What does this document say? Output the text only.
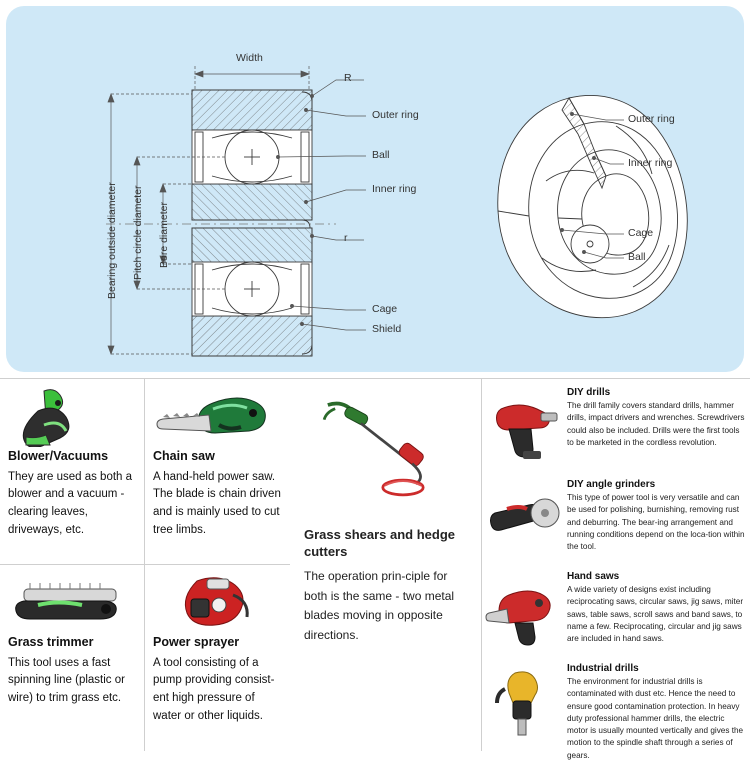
Width
R
r
Outer ring
Ball
Inner ring
Cage
Shield
Bearing outside diameter Pitch circle diameter Bore diameter
Outer ring
Inner ring
Cage
Ball
Blower/Vacuums
They are used as both a blower and a vacuum -clearing leaves, driveways, etc.
Chain saw
A hand-held power saw. The blade is chain driven and is mainly used to cut tree limbs.
Grass trimmer
This tool uses a fast spinning line (plastic or wire) to trim grass etc.
Power sprayer
A tool consisting of a pump providing consist-ent high pressure of water or other liquids.
Grass shears and hedge cutters
The operation prin-ciple for both is the same - two metal blades moving in opposite directions.
DIY drills
The drill family covers standard drills, hammer drills, impact drivers and wrenches. Screwdrivers could also be included. Drills were the first tools to be marketed in the cordless revolution.
DIY angle grinders
This type of power tool is very versatile and can be used for polishing, burnishing, removing rust and deburring. The bear-ing arrangement and running conditions depend on the loca-tion within the tool.
Hand saws
A wide variety of designs exist including reciprocating saws, circular saws, jig saws, miter saws, table saws, scroll saws and band saws, to name a few. Reciprocating, circular and jig saws are included in hand saws.
Industrial drills
The environment for industrial drills is contaminated with dust etc. Hence the need to ensure good contamination protection. In heavy duty professional hammer drills, the electric motor is usually mounted vertically and gives the motion to the spindle shaft through a series of gears.
